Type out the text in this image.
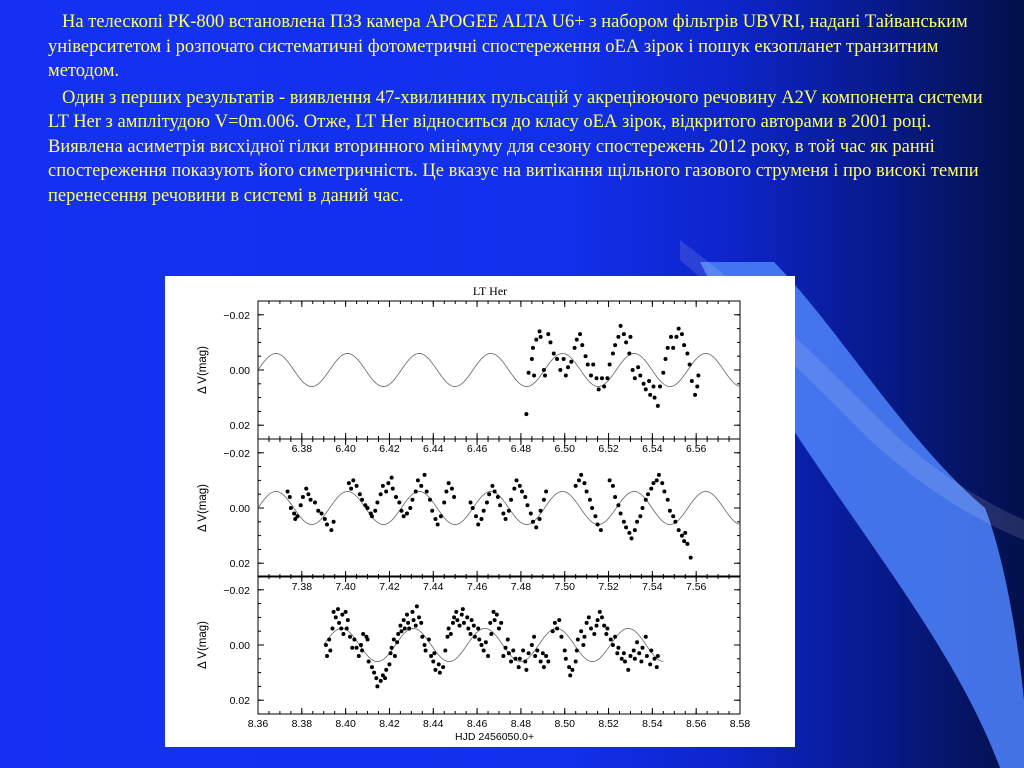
На телескопі РК-800 встановлена ПЗЗ камера APOGEE ALTA U6+ з набором фільтрів UBVRI, надані Тайванським університетом і розпочато систематичні фотометричні спостереження оЕА зірок і пошук екзопланет транзитним методом.

Один з перших результатів - виявлення 47-хвилинних пульсацій у акреціюючого речовину A2V компонента системи LT Her з амплітудою V=0m.006. Отже, LT Her відноситься до класу оЕА зірок, відкритого авторами в 2001 році. Виявлена асиметрія висхідної гілки вторинного мінімуму для сезону спостережень 2012 року, в той час як ранні спостереження показують його симетричність. Це вказує на витікання щільного газового струменя і про високі темпи перенесення речовини в системі в даний час.

LT Her
−0.02
0.00
0.02
6.38 6.40 6.42 6.44 6.46 6.48 6.50 6.52 6.54 6.56
Δ V(mag)
−0.02
0.00
0.02
7.38 7.40 7.42 7.44 7.46 7.48 7.50 7.52 7.54 7.56
Δ V(mag)
−0.02
0.00
0.02
8.36 8.38 8.40 8.42 8.44 8.46 8.48 8.50 8.52 8.54 8.56 8.58
Δ V(mag)
HJD 2456050.0+
